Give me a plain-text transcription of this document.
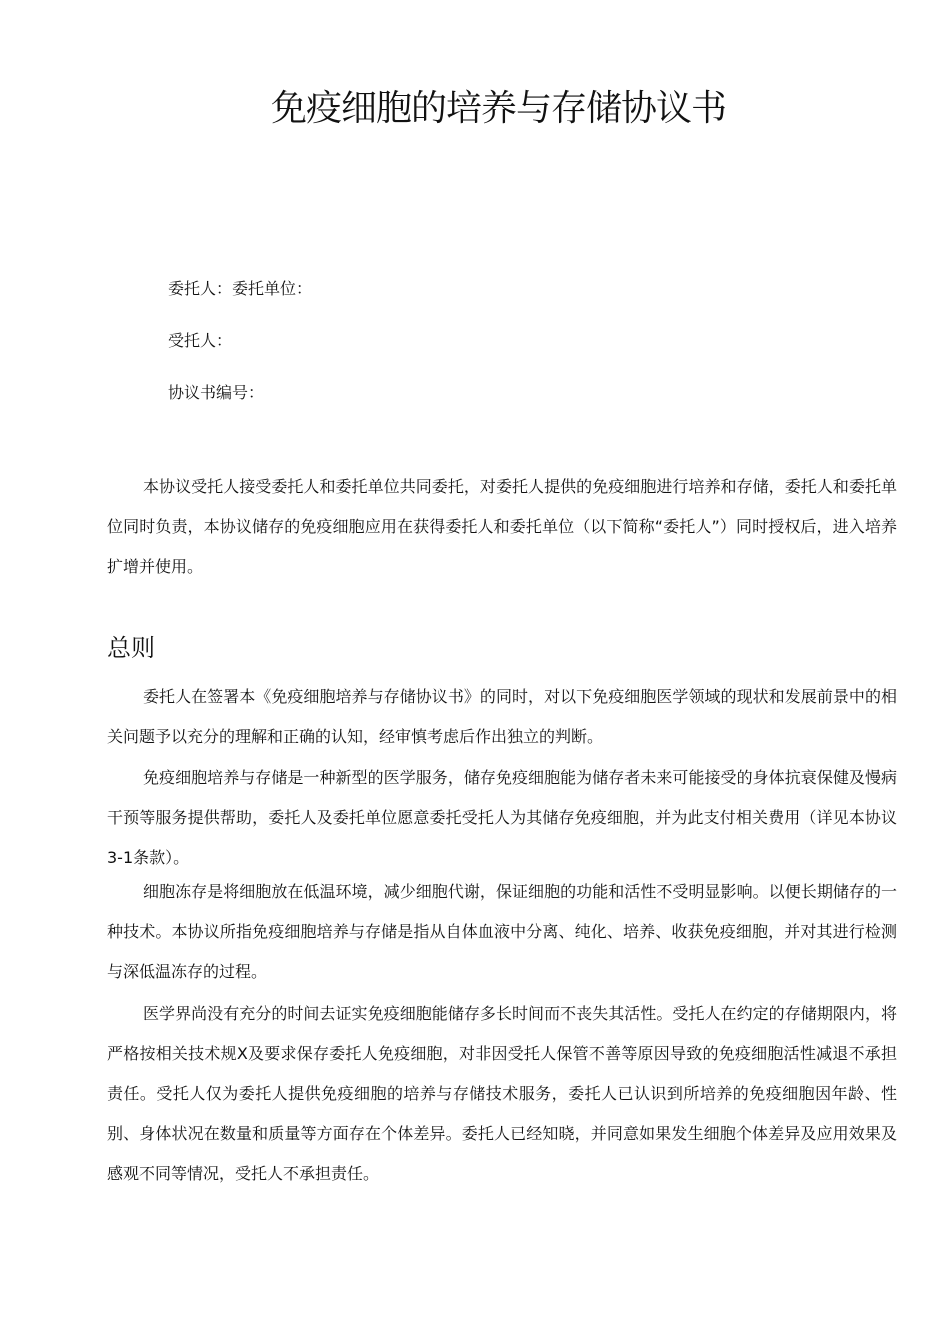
免疫细胞的培养与存储协议书
委托人：委托单位：
受托人：
协议书编号：

本协议受托人接受委托人和委托单位共同委托，对委托人提供的免疫细胞进行培养和存储，委托人和委托单位同时负责，本协议储存的免疫细胞应用在获得委托人和委托单位（以下简称“委托人”）同时授权后，进入培养扩增并使用。

总则

委托人在签署本《免疫细胞培养与存储协议书》的同时，对以下免疫细胞医学领域的现状和发展前景中的相关问题予以充分的理解和正确的认知，经审慎考虑后作出独立的判断。

免疫细胞培养与存储是一种新型的医学服务，储存免疫细胞能为储存者未来可能接受的身体抗衰保健及慢病干预等服务提供帮助，委托人及委托单位愿意委托受托人为其储存免疫细胞，并为此支付相关费用（详见本协议3-1条款）。

细胞冻存是将细胞放在低温环境，减少细胞代谢，保证细胞的功能和活性不受明显影响。以便长期储存的一种技术。本协议所指免疫细胞培养与存储是指从自体血液中分离、纯化、培养、收获免疫细胞，并对其进行检测与深低温冻存的过程。

医学界尚没有充分的时间去证实免疫细胞能储存多长时间而不丧失其活性。受托人在约定的存储期限内，将严格按相关技术规Ⅹ及要求保存委托人免疫细胞，对非因受托人保管不善等原因导致的免疫细胞活性减退不承担责任。受托人仅为委托人提供免疫细胞的培养与存储技术服务，委托人已认识到所培养的免疫细胞因年龄、性别、身体状况在数量和质量等方面存在个体差异。委托人已经知晓，并同意如果发生细胞个体差异及应用效果及感观不同等情况，受托人不承担责任。
